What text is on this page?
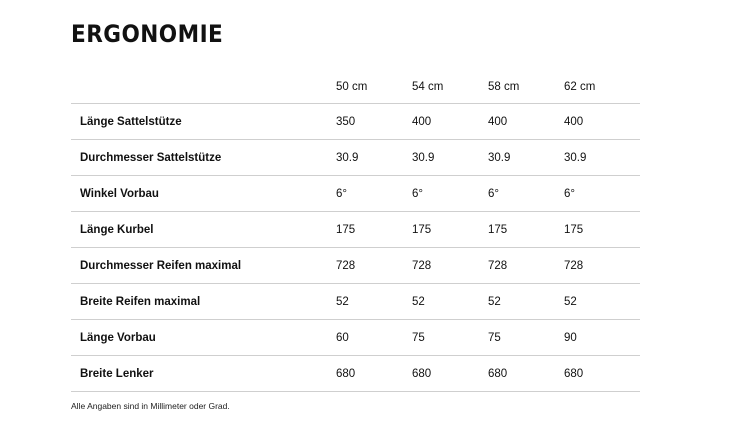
ERGONOMIE
	50 cm	54 cm	58 cm	62 cm
Länge Sattelstütze	350	400	400	400
Durchmesser Sattelstütze	30.9	30.9	30.9	30.9
Winkel Vorbau	6°	6°	6°	6°
Länge Kurbel	175	175	175	175
Durchmesser Reifen maximal	728	728	728	728
Breite Reifen maximal	52	52	52	52
Länge Vorbau	60	75	75	90
Breite Lenker	680	680	680	680

Alle Angaben sind in Millimeter oder Grad.
